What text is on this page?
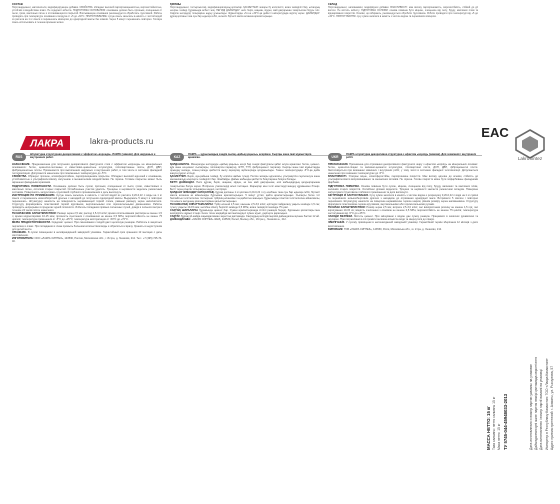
СОСТАВ
Портландцемент, наполнители, модифицирующие добавки. СВОЙСТВА: обладает высокой паропроницаемостью, морозостойкостью, устойчив к воздействию влаги. Не содержит асбеста. ПОДГОТОВКА ОСНОВАНИЯ: основание должно быть прочным, очищенным от пыли, грязи, масляных пятен и отслаивающихся покрытий. Впитывающие основания рекомендуется обработать грунтовкой. Работы проводить при температуре основания и воздуха от +5 до +30°С. ПРИГОТОВЛЕНИЕ: сухую смесь засыпать в емкость с чистой водой из расчета на 1 кг смеси и перемешать миксером до однородной массы без комков. Через 5 минут перемешать повторно. Готовую смесь использовать в течение времени жизни.
ҚҰРАМЫ
Портландцемент, толтырғыштар, модификациялаушы қоспалар. ҚАСИЕТТЕРІ: жоғары бу өткізгіштігі, аязға төзімділігі бар, ылғалдың әсеріне төзімді. Құрамында асбест жоқ. НЕГІЗДІ ДАЙЫНДАУ: негіз берік, шаңнан, кірден, май дақтарынан тазартылған болуы тиіс. Сіңіргіш негіздерді топырақпен өңдеу ұсынылады. Жұмыстарды +5-тен +30°С-қа дейінгі температурада жүргізу керек. ДАЙЫНДАУ: құрғақ қоспаны таза суы бар ыдысқа себіп, кесексіз біртекті масса алғанша араластырыңыз.
СКЛАД
Портландцемент, наповнювачі, модифікуючі добавки. ВЛАСТИВОСТІ: має високу паропроникність, морозостійкість, стійкий до дії вологи. Не містить азбесту. ПІДГОТОВКА ОСНОВИ: основа повинна бути міцною, очищеною від пилу, бруду, масляних плям та відшарованих покриттів. Основи, що вбирають, рекомендується обробити ґрунтовкою. Роботи проводити при температурі від +5 до +30°С. ПРИГОТУВАННЯ: суху суміш засипати в ємність з чистою водою та перемішати міксером.
ЛАКРА	lakra-products.ru
EAC
LakroSintez
RUS
Штукатурка структурная декоративная с эффектом «короеда». ЛАКРА (зимняя). Для наружных и внутренних работ.	KAZ
ЛАКРА — құрылымдық сәндік сылақ «қабық қоңызы» әсерімен. Сыртқы және ішкі жұмыстарға арналған.	UKR
ЛАКРА штукатурка декоративна структурна з ефектом «короїд» (зимова). Для зовнішніх і внутрішніх робіт.

НАЗНАЧЕНИЕ. Предназначена для получения декоративного фактурного слоя с эффектом «короеда» на минеральных основаниях: бетон, цементно-песчаные и известково-цементные штукатурки, гипсокартонные листы, ДСП, ДВП, фиброцементные плиты. Применяется при выполнении наружных и внутренних работ, в том числе в системах фасадной теплоизоляции. Допускается нанесение при пониженных температурах до -5°С.

СВОЙСТВА. Образует прочное, атмосферостойкое, паропроницаемое покрытие. Обладает высокой адгезией к основанию, устойчивостью к ультрафиолетовому излучению и механическим воздействиям. Не горюча. Готовое покрытие может быть окрашено фасадными красками.

ПОДГОТОВКА ПОВЕРХНОСТИ. Основание должно быть сухим, прочным, очищенным от пыли, грязи, известковых и масляных пятен, остатков старых покрытий. Ослабленные участки удалить. Трещины и неровности заделать ремонтным составом. Поверхность загрунтовать грунтовкой глубокого проникновения и дать высохнуть.

ИНСТРУКЦИЯ ПО ПРИМЕНЕНИЮ. Сухую смесь засыпать в ёмкость с чистой водой из расчёта 0,20-0,22 л воды на 1 кг смеси и перемешать низкооборотной дрелью с насадкой до получения однородной массы. Выдержать 5 минут и повторно перемешать. Штукатурку наносить на поверхность нержавеющей тёркой слоем, равным размеру зерна наполнителя. Структуру формировать пластиковой тёркой круговыми, вертикальными или горизонтальными движениями. Работы проводить непрерывно в пределах одной плоскости. Избегать попадания прямых солнечных лучей, дождя и сильного ветра в течение 24 часов после нанесения.

ТЕХНИЧЕСКИЕ ХАРАКТЕРИСТИКИ: Размер зерна 2,5 мм; расход 2,5-3,0 кг/м²; время использования раствора не менее 1,5 ч; время корректировки 10-15 мин; прочность сцепления с основанием не менее 0,5 МПа; морозостойкость не менее 75 циклов; температура применения от -5°С до +25°С; температура эксплуатации от -50°С до +70°С.

МЕРЫ ПРЕДОСТОРОЖНОСТИ. Содержит цемент. При смешивании с водой даёт щелочную реакцию. Работать в защитных перчатках и очках. При попадании в глаза промыть большим количеством воды и обратиться к врачу. Хранить в недоступном для детей месте.

ХРАНЕНИЕ. В сухом помещении в неповреждённой заводской упаковке. Гарантийный срок хранения 12 месяцев с даты изготовления.

ИЗГОТОВИТЕЛЬ: ООО «ЛАКРА СИНТЕЗ», 143530, Россия, Московская обл., г. Истра, д. Лешково, 212. Тел.: +7 (495) 745-70-40.

ҚОЛДАНЫЛУЫ. Минералды негіздерде «қабық қоңызы» әсері бар сәндік фактуралы қабат алуға арналған: бетон, цемент-құм және әк-цемент сылақтары, гипсокартон парақтар, ЖТП, ТТП, фиброцемент тақталар. Сыртқы және ішкі жұмыстарды орындау кезінде, соның ішінде қасбеттік жылу оқшаулау жүйелерінде қолданылады. Төмен температурада -5°С-қа дейін жағуға рұқсат етіледі.

ҚАСИЕТТЕРІ. Берік, ауа-райына төзімді, бу өткізгіш жабын түзеді. Негізге жоғары адгезиясы, ультракүлгін сәулеленуге және механикалық әсерлерге төзімділігі бар. Жанбайды. Дайын жабынды қасбеттік бояулармен бояуға болады.

БЕТТІ ДАЙЫНДАУ. Негіз құрғақ, берік, шаңнан, кірден, әк пен май дақтарынан, ескі жабындардың қалдықтарынан тазартылған болуы керек. Әлсіреген учаскелерді алып тастаңыз. Жарықтар мен тегіс еместерді жөндеу құрамымен бітеңіз. Бетті терең сіңетін топырақпен өңдеп, кептіріңіз.

ҚОЛДАНУ ЖӨНІНДЕГІ НҰСҚАУЛЫҚ. Құрғақ қоспаны 1 кг қоспаға 0,20-0,22 л су есебінен таза суы бар ыдысқа себіп, біртекті масса алғанша аз айналымды бұрғымен араластырыңыз. 5 минут ұстап, қайта араластырыңыз. Сылақты бетке тот баспайтын тегістегішпен толтырғыш түйірінің өлшеміне тең қабатпен жағыңыз. Құрылымды пластик тегістегішпен айналмалы, тік немесе көлденең қозғалыстармен қалыптастырыңыз.

ТЕХНИКАЛЫҚ СИПАТТАМАЛАРЫ: Түйір өлшемі 2,5 мм; шығыны 2,5-3,0 кг/м²; ерітіндіні пайдалану уақыты кемінде 1,5 сағ; түзету уақыты 10-15 мин; негізбен ілінісу беріктігі кемінде 0,5 МПа; аязға төзімділігі кемінде 75 цикл.

САҚТЫҚ ШАРАЛАРЫ. Құрамында цемент бар. Сумен араластырғанда сілтілі реакция береді. Қорғаныш қолғаптары мен көзілдірікте жұмыс істеңіз. Көзге тиген жағдайда көп мөлшердегі сумен жуып, дәрігерге қаралыңыз.

САҚТАУ. Құрғақ үй-жайда зақымдалмаған зауыттық қаптамада. Сақтаудың кепілдік мерзімі дайындалған күннен бастап 12 ай.

ДАЙЫНДАУШЫ: «ЛАКРА СИНТЕЗ» ЖШҚ, 143530, Ресей, Мәскеу обл., Истра қ., Лешково а., 212.

ПРИЗНАЧЕННЯ. Призначена для отримання декоративного фактурного шару з ефектом «короїд» на мінеральних основах: бетон, цементно-піщані та вапняно-цементні штукатурки, гіпсокартонні листи, ДСП, ДВП, фіброцементні плити. Застосовується при виконанні зовнішніх і внутрішніх робіт, у тому числі в системах фасадної теплоізоляції. Допускається нанесення при знижених температурах до -5°С.

ВЛАСТИВОСТІ. Утворює міцне, атмосферостійке, паропроникне покриття. Має високу адгезію до основи, стійкість до ультрафіолетового випромінювання та механічних впливів. Не горюча. Готове покриття може бути пофарбоване фасадними фарбами.

ПІДГОТОВКА ПОВЕРХНІ. Основа повинна бути сухою, міцною, очищеною від пилу, бруду, вапняних та масляних плям, залишків старих покриттів. Ослаблені ділянки видалити. Тріщини та нерівності закласти ремонтним складом. Поверхню заґрунтувати ґрунтовкою глибокого проникнення та дати висохнути.

ІНСТРУКЦІЯ ІЗ ЗАСТОСУВАННЯ. Суху суміш засипати в ємність з чистою водою з розрахунку 0,20-0,22 л води на 1 кг суміші та перемішати низькообертовим дрилем з насадкою до отримання однорідної маси. Витримати 5 хвилин і повторно перемішати. Штукатурку наносити на поверхню нержавіючою теркою шаром, рівним розміру зерна наповнювача. Структуру формувати пластиковою теркою круговими, вертикальними або горизонтальними рухами.

ТЕХНІЧНІ ХАРАКТЕРИСТИКИ: Розмір зерна 2,5 мм; витрата 2,5-3,0 кг/м²; час використання розчину не менше 1,5 год; час коригування 10-15 хв; міцність зчеплення з основою не менше 0,5 МПа; морозостійкість не менше 75 циклів; температура застосування від -5°С до +25°С.

ЗАХОДИ БЕЗПЕКИ. Містить цемент. При змішуванні з водою дає лужну реакцію. Працювати в захисних рукавичках та окулярах. При потраплянні в очі промити великою кількістю води та звернутися до лікаря.

ЗБЕРІГАННЯ. У сухому приміщенні в непошкодженій заводській упаковці. Гарантійний термін зберігання 12 місяців з дати виготовлення.

ВИРОБНИК: ТОВ «ЛАКРА СИНТЕЗ», 143530, Росія, Московська обл., м. Істра, д. Лешково, 212.

МАССА НЕТТО: 15 кг Таза салмағы: нетто салмағы 15 кг Маса нетто: 15 кг ТУ 5745-044-45948033-2013	Дата изготовления и номер партии указаны на упаковке Дайындалған күні және партия нөмірі қаптамада көрсетілген Дата виготовлення і номер партії вказані на упаковці Импортер в Республику Казахстан: ТОО «Лакра Казахстан» Адрес приема претензий: г. Алматы, ул. Рыскулова, 57
